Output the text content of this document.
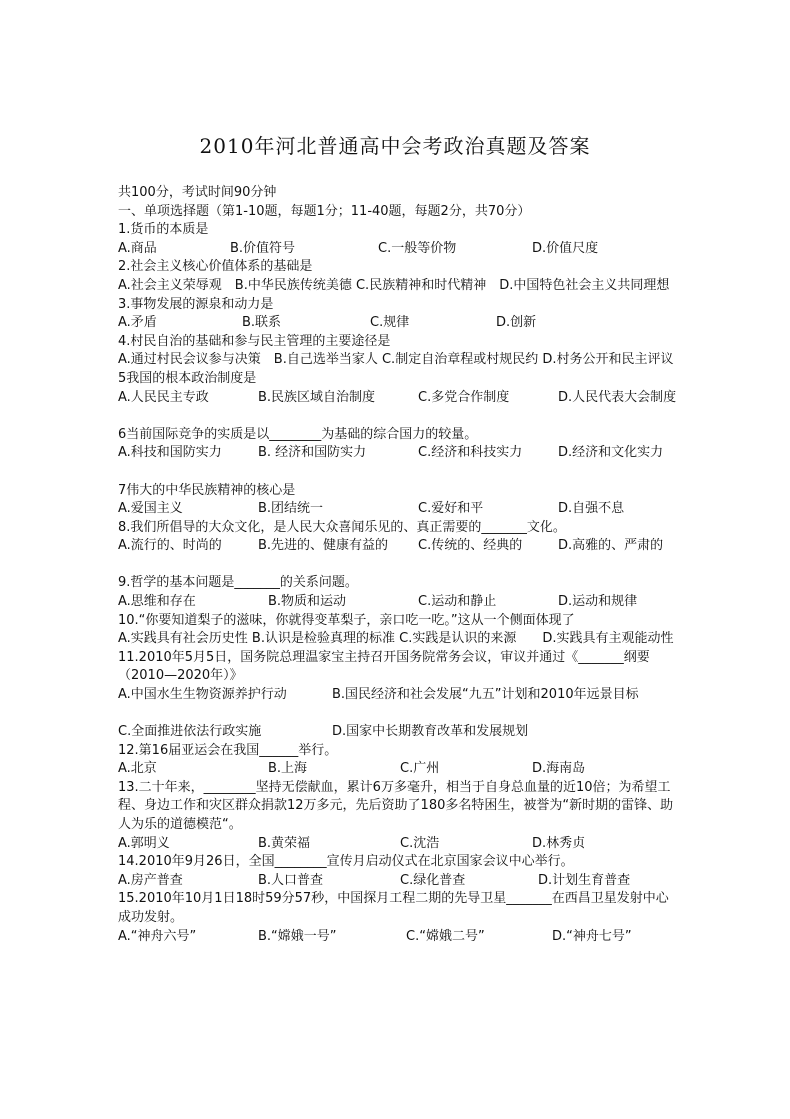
2010年河北普通高中会考政治真题及答案
共100分，考试时间90分钟
一、单项选择题（第1-10题，每题1分；11-40题，每题2分，共70分）
1.货币的本质是
A.商品	B.价值符号	C.一般等价物	D.价值尺度
2.社会主义核心价值体系的基础是
A.社会主义荣辱观　B.中华民族传统美德 C.民族精神和时代精神　D.中国特色社会主义共同理想
3.事物发展的源泉和动力是
A.矛盾	B.联系	C.规律	D.创新
4.村民自治的基础和参与民主管理的主要途径是
A.通过村民会议参与决策　B.自己选举当家人 C.制定自治章程或村规民约 D.村务公开和民主评议
5我国的根本政治制度是
A.人民民主专政	B.民族区域自治制度	C.多党合作制度	D.人民代表大会制度
6当前国际竞争的实质是以________为基础的综合国力的较量。
A.科技和国防实力	B. 经济和国防实力	C.经济和科技实力	D.经济和文化实力
7伟大的中华民族精神的核心是
A.爱国主义	B.团结统一	C.爱好和平	D.自强不息
8.我们所倡导的大众文化，是人民大众喜闻乐见的、真正需要的_______文化。
A.流行的、时尚的	B.先进的、健康有益的 C.传统的、经典的	D.高雅的、严肃的
9.哲学的基本问题是_______的关系问题。
A.思维和存在	B.物质和运动	C.运动和静止	D.运动和规律
10.“你要知道梨子的滋味，你就得变革梨子，亲口吃一吃。”这从一个侧面体现了
A.实践具有社会历史性 B.认识是检验真理的标准 C.实践是认识的来源　　D.实践具有主观能动性
11.2010年5月5日，国务院总理温家宝主持召开国务院常务会议，审议并通过《_______纲要（2010—2020年）》
A.中国水生生物资源养护行动	B.国民经济和社会发展“九五”计划和2010年远景目标
C.全面推进依法行政实施	D.国家中长期教育改革和发展规划
12.第16届亚运会在我国______举行。
A.北京	B.上海	C.广州	D.海南岛
13.二十年来，________坚持无偿献血，累计6万多毫升，相当于自身总血量的近10倍；为希望工程、身边工作和灾区群众捐款12万多元，先后资助了180多名特困生，被誉为“新时期的雷锋、助人为乐的道德模范“。
A.郭明义	B.黄荣福	C.沈浩	D.林秀贞
14.2010年9月26日，全国________宣传月启动仪式在北京国家会议中心举行。
A.房产普查	B.人口普查	C.绿化普查	D.计划生育普查
15.2010年10月1日18时59分57秒，中国探月工程二期的先导卫星_______在西昌卫星发射中心成功发射。
A.“神舟六号”	B.“嫦娥一号”	C.“嫦娥二号”	D.“神舟七号”
